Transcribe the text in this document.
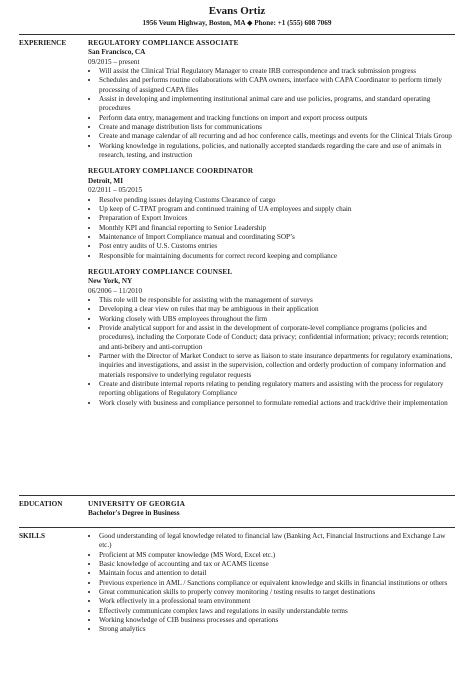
Evans Ortiz
1956 Veum Highway, Boston, MA ◆ Phone: +1 (555) 608 7069
EXPERIENCE	REGULATORY COMPLIANCE ASSOCIATE
San Francisco, CA
09/2015 – present
• Will assist the Clinical Trial Regulatory Manager to create IRB correspondence and track submission progress
• Schedules and performs routine collaborations with CAPA owners, interface with CAPA Coordinator to perform timely processing of assigned CAPA files
• Assist in developing and implementing institutional animal care and use policies, programs, and standard operating procedures
• Perform data entry, management and tracking functions on import and export process outputs
• Create and manage distribution lists for communications
• Create and manage calendar of all recurring and ad hoc conference calls, meetings and events for the Clinical Trials Group
• Working knowledge in regulations, policies, and nationally accepted standards regarding the care and use of animals in research, testing, and instruction
REGULATORY COMPLIANCE COORDINATOR
Detroit, MI
02/2011 – 05/2015
• Resolve pending issues delaying Customs Clearance of cargo
• Up keep of C-TPAT program and continued training of UA employees and supply chain
• Preparation of Export Invoices
• Monthly KPI and financial reporting to Senior Leadership
• Maintenance of Import Compliance manual and coordinating SOP’s
• Post entry audits of U.S. Customs entries
• Responsible for maintaining documents for correct record keeping and compliance
REGULATORY COMPLIANCE COUNSEL
New York, NY
06/2006 – 11/2010
• This role will be responsible for assisting with the management of surveys
• Developing a clear view on rules that may be ambiguous in their application
• Working closely with UBS employees throughout the firm
• Provide analytical support for and assist in the development of corporate-level compliance programs (policies and procedures), including the Corporate Code of Conduct; data privacy; confidential information; privacy; records retention; and anti-bribery and anti-corruption
• Partner with the Director of Market Conduct to serve as liaison to state insurance departments for regulatory examinations, inquiries and investigations, and assist in the supervision, collection and orderly production of company information and materials responsive to underlying regulator requests
• Create and distribute internal reports relating to pending regulatory matters and assisting with the process for regulatory reporting obligations of Regulatory Compliance
• Work closely with business and compliance personnel to formulate remedial actions and track/drive their implementation
EDUCATION	UNIVERSITY OF GEORGIA
Bachelor's Degree in Business
SKILLS
•	Good understanding of legal knowledge related to financial law (Banking Act, Financial Instructions and Exchange Law etc.)
• Proficient at MS computer knowledge (MS Word, Excel etc.)
• Basic knowledge of accounting and tax or ACAMS license
• Maintain focus and attention to detail
• Previous experience in AML / Sanctions compliance or equivalent knowledge and skills in financial institutions or others
• Great communication skills to properly convey monitoring / testing results to target destinations
• Work effectively in a professional team environment
• Effectively communicate complex laws and regulations in easily understandable terms
• Working knowledge of CIB business processes and operations
• Strong analytics
